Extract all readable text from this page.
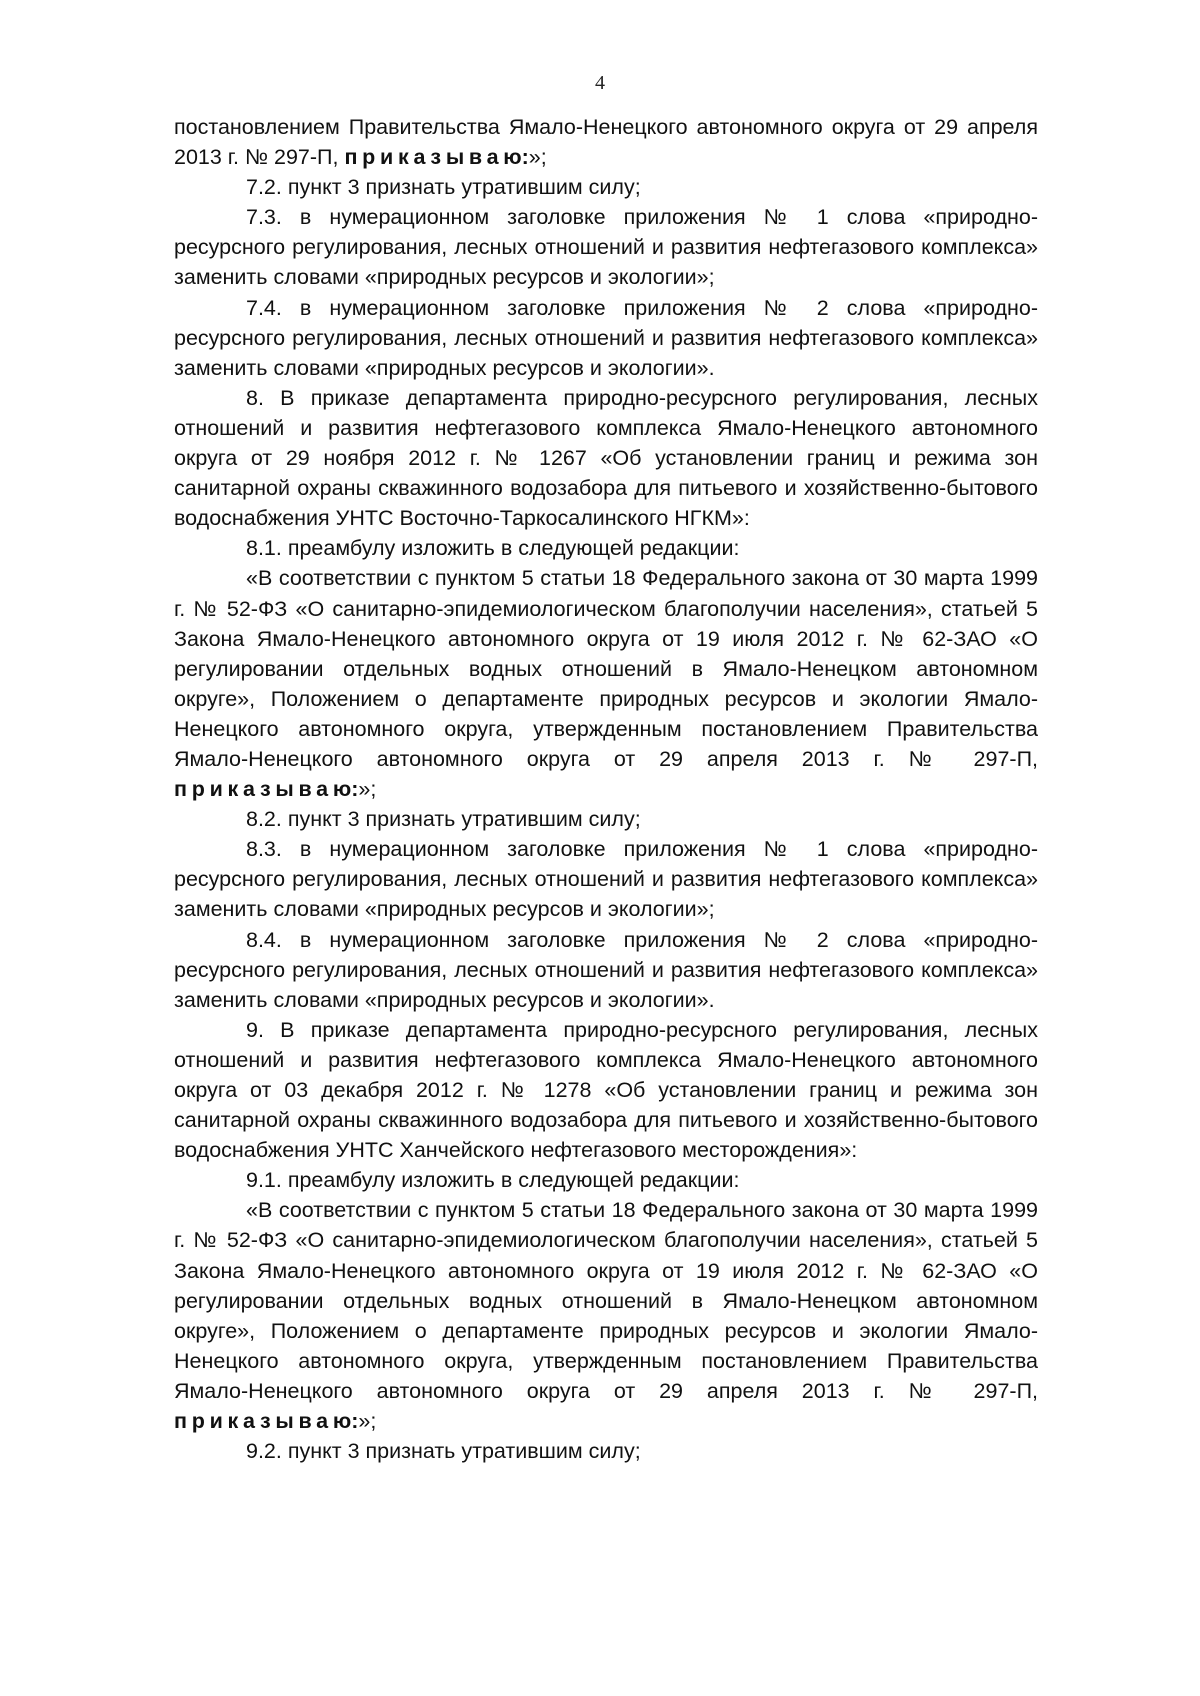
4

постановлением Правительства Ямало-Ненецкого автономного округа от 29 апреля 2013 г. № 297-П, приказываю:»;

7.2. пункт 3 признать утратившим силу;

7.3. в нумерационном заголовке приложения № 1 слова «природно-ресурсного регулирования, лесных отношений и развития нефтегазового комплекса» заменить словами «природных ресурсов и экологии»;

7.4. в нумерационном заголовке приложения № 2 слова «природно-ресурсного регулирования, лесных отношений и развития нефтегазового комплекса» заменить словами «природных ресурсов и экологии».

8. В приказе департамента природно-ресурсного регулирования, лесных отношений и развития нефтегазового комплекса Ямало-Ненецкого автономного округа от 29 ноября 2012 г. № 1267 «Об установлении границ и режима зон санитарной охраны скважинного водозабора для питьевого и хозяйственно-бытового водоснабжения УНТС Восточно-Таркосалинского НГКМ»:

8.1. преамбулу изложить в следующей редакции:

«В соответствии с пунктом 5 статьи 18 Федерального закона от 30 марта 1999 г. № 52-ФЗ «О санитарно-эпидемиологическом благополучии населения», статьей 5 Закона Ямало-Ненецкого автономного округа от 19 июля 2012 г. № 62-ЗАО «О регулировании отдельных водных отношений в Ямало-Ненецком автономном округе», Положением о департаменте природных ресурсов и экологии Ямало-Ненецкого автономного округа, утвержденным постановлением Правительства Ямало-Ненецкого автономного округа от 29 апреля 2013 г. № 297-П, приказываю:»;

8.2. пункт 3 признать утратившим силу;

8.3. в нумерационном заголовке приложения № 1 слова «природно-ресурсного регулирования, лесных отношений и развития нефтегазового комплекса» заменить словами «природных ресурсов и экологии»;

8.4. в нумерационном заголовке приложения № 2 слова «природно-ресурсного регулирования, лесных отношений и развития нефтегазового комплекса» заменить словами «природных ресурсов и экологии».

9. В приказе департамента природно-ресурсного регулирования, лесных отношений и развития нефтегазового комплекса Ямало-Ненецкого автономного округа от 03 декабря 2012 г. № 1278 «Об установлении границ и режима зон санитарной охраны скважинного водозабора для питьевого и хозяйственно-бытового водоснабжения УНТС Ханчейского нефтегазового месторождения»:

9.1. преамбулу изложить в следующей редакции:

«В соответствии с пунктом 5 статьи 18 Федерального закона от 30 марта 1999 г. № 52-ФЗ «О санитарно-эпидемиологическом благополучии населения», статьей 5 Закона Ямало-Ненецкого автономного округа от 19 июля 2012 г. № 62-ЗАО «О регулировании отдельных водных отношений в Ямало-Ненецком автономном округе», Положением о департаменте природных ресурсов и экологии Ямало-Ненецкого автономного округа, утвержденным постановлением Правительства Ямало-Ненецкого автономного округа от 29 апреля 2013 г. № 297-П, приказываю:»;

9.2. пункт 3 признать утратившим силу;
